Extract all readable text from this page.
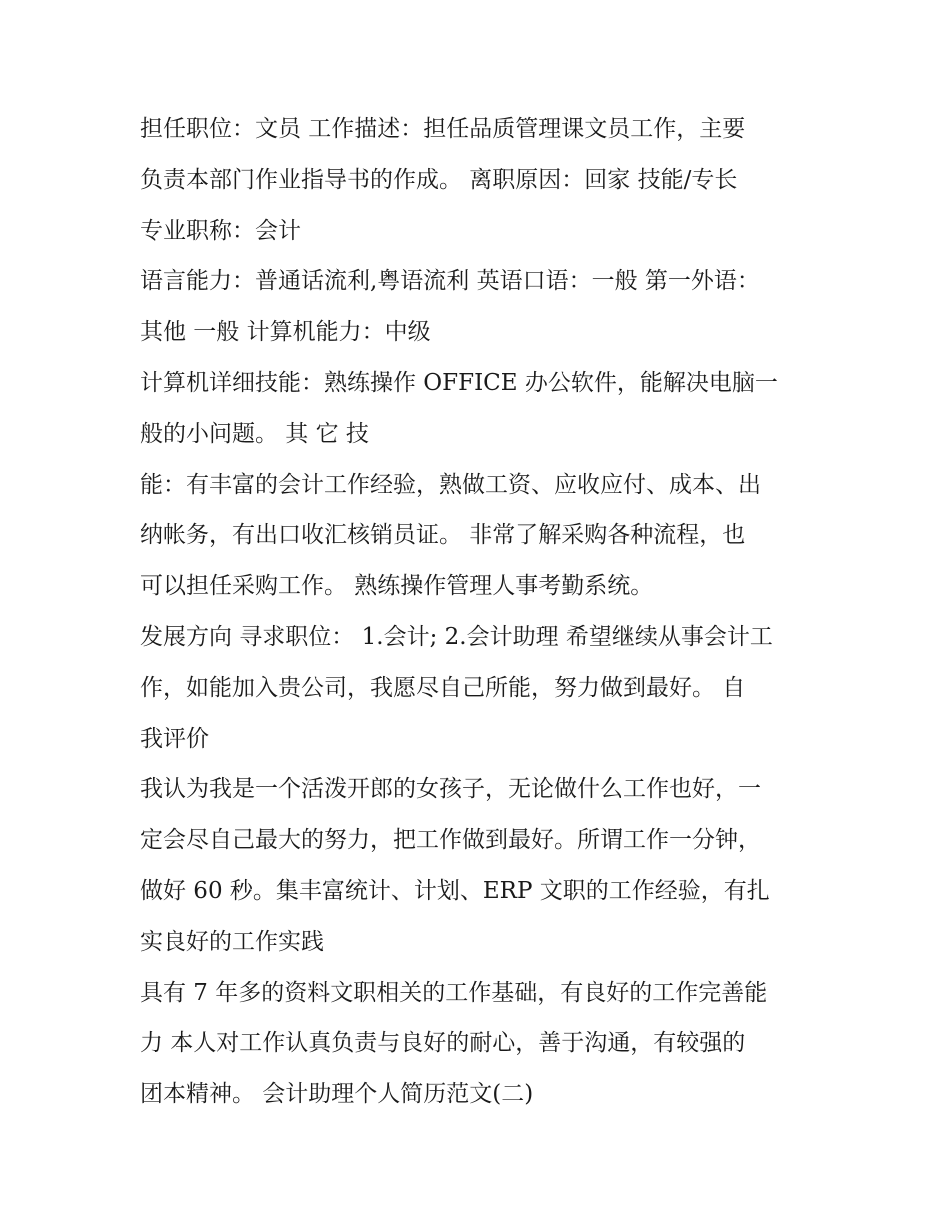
担任职位：文员 工作描述：担任品质管理课文员工作，主要
负责本部门作业指导书的作成。 离职原因：回家 技能/专长
专业职称：会计
语言能力：普通话流利,粤语流利 英语口语：一般 第一外语：
其他 一般 计算机能力：中级
计算机详细技能：熟练操作 OFFICE 办公软件，能解决电脑一
般的小问题。 其 它 技
能：有丰富的会计工作经验，熟做工资、应收应付、成本、出
纳帐务，有出口收汇核销员证。 非常了解采购各种流程，也
可以担任采购工作。 熟练操作管理人事考勤系统。
发展方向 寻求职位： 1.会计; 2.会计助理 希望继续从事会计工
作，如能加入贵公司，我愿尽自己所能，努力做到最好。 自
我评价
我认为我是一个活泼开郎的女孩子，无论做什么工作也好，一
定会尽自己最大的努力，把工作做到最好。所谓工作一分钟，
做好 60 秒。集丰富统计、计划、ERP 文职的工作经验，有扎
实良好的工作实践
具有 7 年多的资料文职相关的工作基础，有良好的工作完善能
力 本人对工作认真负责与良好的耐心，善于沟通，有较强的
团本精神。 会计助理个人简历范文(二)
